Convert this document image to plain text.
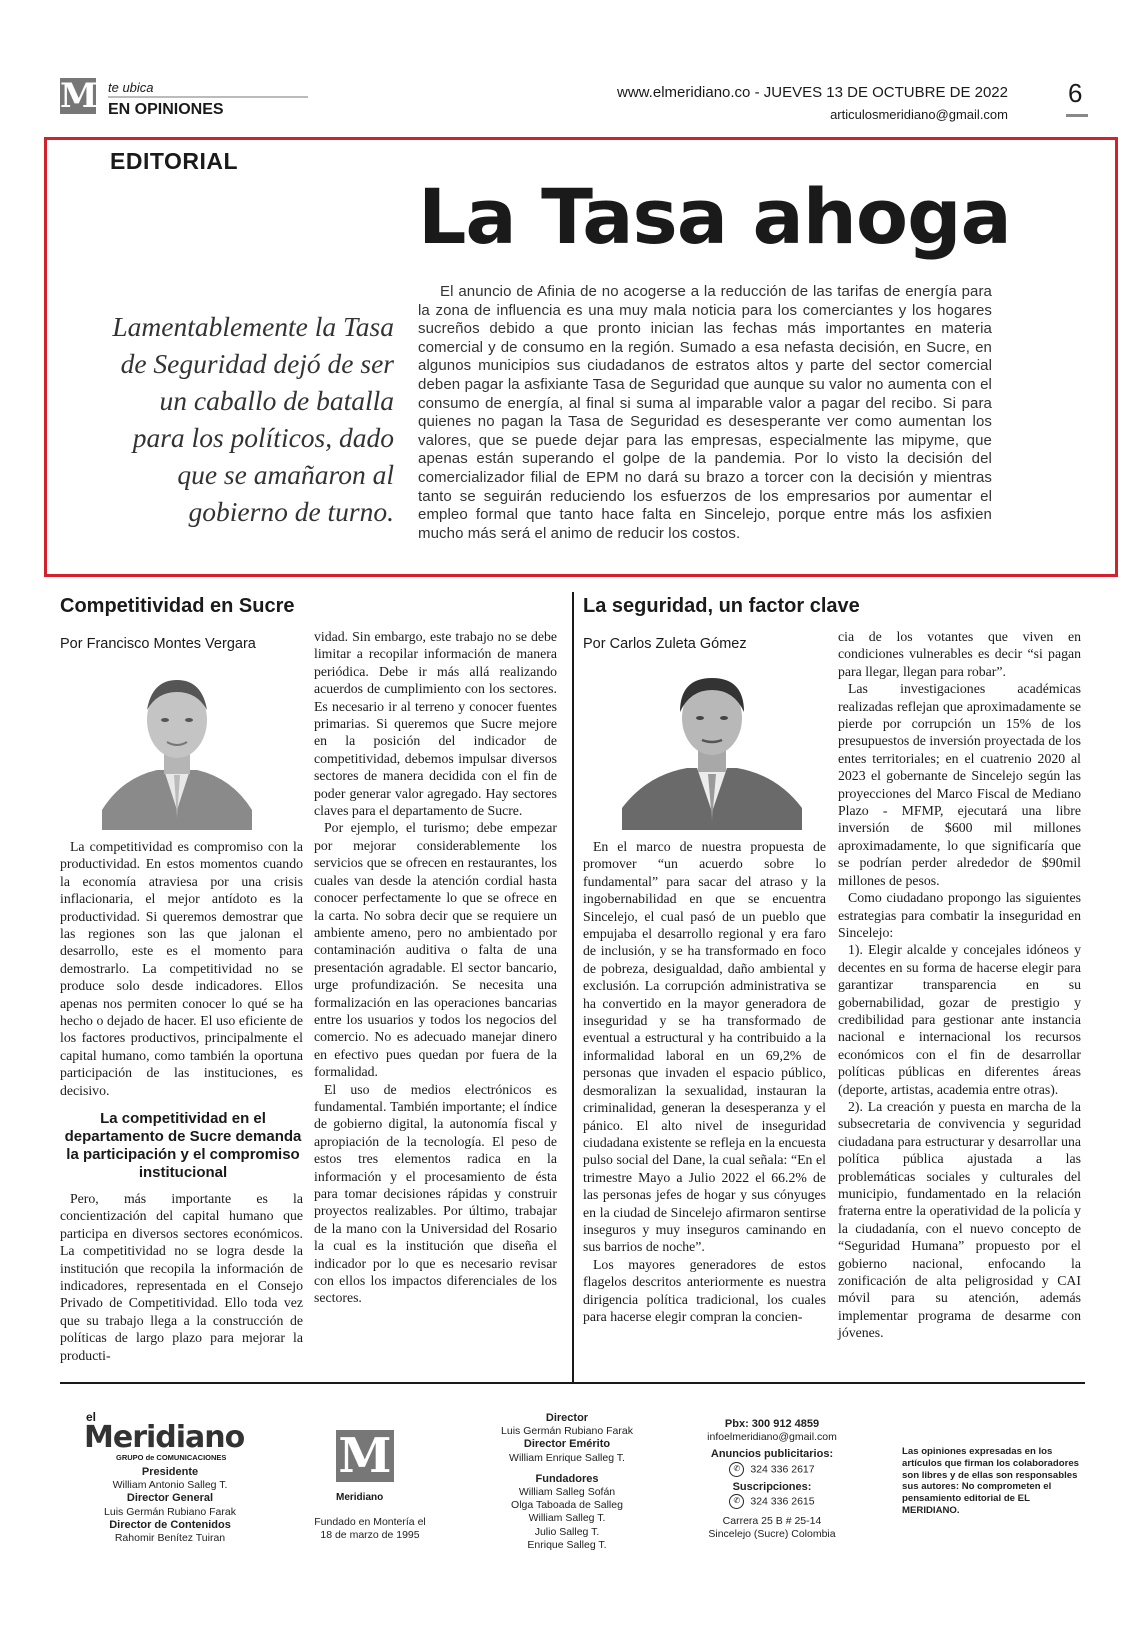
M te ubica
EN OPINIONES
www.elmeridiano.co - JUEVES 13 DE OCTUBRE DE 2022
articulosmeridiano@gmail.com
6
EDITORIAL
La Tasa ahoga
Lamentablemente la Tasa de Seguridad dejó de ser un caballo de batalla para los políticos, dado que se amañaron al gobierno de turno.
El anuncio de Afinia de no acogerse a la reducción de las tarifas de energía para la zona de influencia es una muy mala noticia para los comerciantes y los hogares sucreños debido a que pronto inician las fechas más importantes en materia comercial y de consumo en la región. Sumado a esa nefasta decisión, en Sucre, en algunos municipios sus ciudadanos de estratos altos y parte del sector comercial deben pagar la asfixiante Tasa de Seguridad que aunque su valor no aumenta con el consumo de energía, al final si suma al imparable valor a pagar del recibo. Si para quienes no pagan la Tasa de Seguridad es desesperante ver como aumentan los valores, que se puede dejar para las empresas, especialmente las mipyme, que apenas están superando el golpe de la pandemia. Por lo visto la decisión del comercializador filial de EPM no dará su brazo a torcer con la decisión y mientras tanto se seguirán reduciendo los esfuerzos de los empresarios por aumentar el empleo formal que tanto hace falta en Sincelejo, porque entre más los asfixien mucho más será el animo de reducir los costos.
Competitividad en Sucre
Por Francisco Montes Vergara

La competitividad es compromiso con la productividad. En estos momentos cuando la economía atraviesa por una crisis inflacionaria, el mejor antídoto es la productividad. Si queremos demostrar que las regiones son las que jalonan el desarrollo, este es el momento para demostrarlo. La competitividad no se produce solo desde indicadores. Ellos apenas nos permiten conocer lo qué se ha hecho o dejado de hacer. El uso eficiente de los factores productivos, principalmente el capital humano, como también la oportuna participación de las instituciones, es decisivo.

La competitividad en el departamento de Sucre demanda la participación y el compromiso institucional

Pero, más importante es la concientización del capital humano que participa en diversos sectores económicos. La competitividad no se logra desde la institución que recopila la información de indicadores, representada en el Consejo Privado de Competitividad. Ello toda vez que su trabajo llega a la construcción de políticas de largo plazo para mejorar la producti-

vidad. Sin embargo, este trabajo no se debe limitar a recopilar información de manera periódica. Debe ir más allá realizando acuerdos de cumplimiento con los sectores. Es necesario ir al terreno y conocer fuentes primarias. Si queremos que Sucre mejore en la posición del indicador de competitividad, debemos impulsar diversos sectores de manera decidida con el fin de poder generar valor agregado. Hay sectores claves para el departamento de Sucre.

Por ejemplo, el turismo; debe empezar por mejorar considerablemente los servicios que se ofrecen en restaurantes, los cuales van desde la atención cordial hasta conocer perfectamente lo que se ofrece en la carta. No sobra decir que se requiere un ambiente ameno, pero no ambientado por contaminación auditiva o falta de una presentación agradable. El sector bancario, urge profundización. Se necesita una formalización en las operaciones bancarias entre los usuarios y todos los negocios del comercio. No es adecuado manejar dinero en efectivo pues quedan por fuera de la formalidad.

El uso de medios electrónicos es fundamental. También importante; el índice de gobierno digital, la autonomía fiscal y apropiación de la tecnología. El peso de estos tres elementos radica en la información y el procesamiento de ésta para tomar decisiones rápidas y construir proyectos realizables. Por último, trabajar de la mano con la Universidad del Rosario la cual es la institución que diseña el indicador por lo que es necesario revisar con ellos los impactos diferenciales de los sectores.

La seguridad, un factor clave
Por Carlos Zuleta Gómez

En el marco de nuestra propuesta de promover “un acuerdo sobre lo fundamental” para sacar del atraso y la ingobernabilidad en que se encuentra Sincelejo, el cual pasó de un pueblo que empujaba el desarrollo regional y era faro de inclusión, y se ha transformado en foco de pobreza, desigualdad, daño ambiental y exclusión. La corrupción administrativa se ha convertido en la mayor generadora de inseguridad y se ha transformado de eventual a estructural y ha contribuido a la informalidad laboral en un 69,2% de personas que invaden el espacio público, desmoralizan la sexualidad, instauran la criminalidad, generan la desesperanza y el pánico. El alto nivel de inseguridad ciudadana existente se refleja en la encuesta pulso social del Dane, la cual señala: “En el trimestre Mayo a Julio 2022 el 66.2% de las personas jefes de hogar y sus cónyuges en la ciudad de Sincelejo afirmaron sentirse inseguros y muy inseguros caminando en sus barrios de noche”.

Los mayores generadores de estos flagelos descritos anteriormente es nuestra dirigencia política tradicional, los cuales para hacerse elegir compran la concien-

cia de los votantes que viven en condiciones vulnerables es decir “si pagan para llegar, llegan para robar”.

Las investigaciones académicas realizadas reflejan que aproximadamente se pierde por corrupción un 15% de los presupuestos de inversión proyectada de los entes territoriales; en el cuatrenio 2020 al 2023 el gobernante de Sincelejo según las proyecciones del Marco Fiscal de Mediano Plazo - MFMP, ejecutará una libre inversión de $600 mil millones aproximadamente, lo que significaría que se podrían perder alrededor de $90mil millones de pesos.

Como ciudadano propongo las siguientes estrategias para combatir la inseguridad en Sincelejo:

1). Elegir alcalde y concejales idóneos y decentes en su forma de hacerse elegir para garantizar transparencia en su gobernabilidad, gozar de prestigio y credibilidad para gestionar ante instancia nacional e internacional los recursos económicos con el fin de desarrollar políticas públicas en diferentes áreas (deporte, artistas, academia entre otras).

2). La creación y puesta en marcha de la subsecretaria de convivencia y seguridad ciudadana para estructurar y desarrollar una política pública ajustada a las problemáticas sociales y culturales del municipio, fundamentado en la relación fraterna entre la operatividad de la policía y la ciudadanía, con el nuevo concepto de “Seguridad Humana” propuesto por el gobierno nacional, enfocando la zonificación de alta peligrosidad y CAI móvil para su atención, además implementar programa de desarme con jóvenes.

el
Meridiano
GRUPO de COMUNICACIONES
Presidente
William Antonio Salleg T.
Director General
Luis Germán Rubiano Farak
Director de Contenidos
Rahomir Benítez Tuiran
M
Meridiano
Fundado en Montería el 18 de marzo de 1995
Director
Luis Germán Rubiano Farak
Director Emérito
William Enrique Salleg T.
Fundadores
William Salleg Sofán
Olga Taboada de Salleg
William Salleg T.
Julio Salleg T.
Enrique Salleg T.
Pbx: 300 912 4859
infoelmeridiano@gmail.com
Anuncios publicitarios:
✆ 324 336 2617
Suscripciones:
✆ 324 336 2615
Carrera 25 B # 25-14
Sincelejo (Sucre) Colombia
Las opiniones expresadas en los artículos que firman los colaboradores son libres y de ellas son responsables sus autores: No comprometen el pensamiento editorial de EL MERIDIANO.
